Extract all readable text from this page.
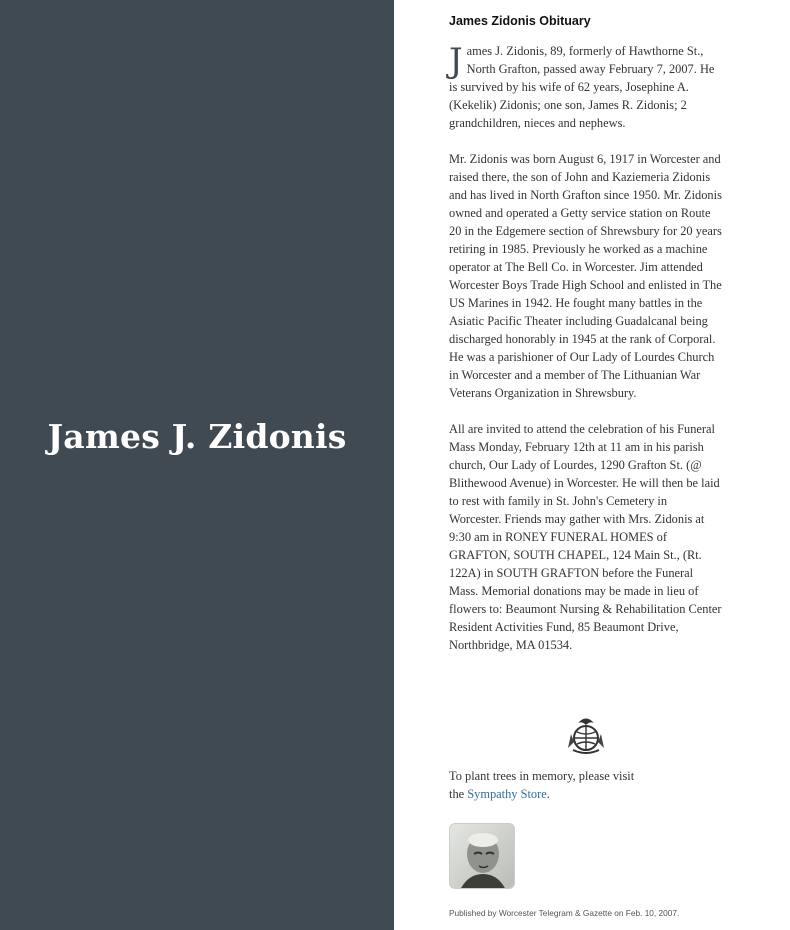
James J. Zidonis
James Zidonis Obituary

James J. Zidonis, 89, formerly of Hawthorne St., North Grafton, passed away February 7, 2007. He is survived by his wife of 62 years, Josephine A. (Kekelik) Zidonis; one son, James R. Zidonis; 2 grandchildren, nieces and nephews.

Mr. Zidonis was born August 6, 1917 in Worcester and raised there, the son of John and Kaziemeria Zidonis and has lived in North Grafton since 1950. Mr. Zidonis owned and operated a Getty service station on Route 20 in the Edgemere section of Shrewsbury for 20 years retiring in 1985. Previously he worked as a machine operator at The Bell Co. in Worcester. Jim attended Worcester Boys Trade High School and enlisted in The US Marines in 1942. He fought many battles in the Asiatic Pacific Theater including Guadalcanal being discharged honorably in 1945 at the rank of Corporal. He was a parishioner of Our Lady of Lourdes Church in Worcester and a member of The Lithuanian War Veterans Organization in Shrewsbury.

All are invited to attend the celebration of his Funeral Mass Monday, February 12th at 11 am in his parish church, Our Lady of Lourdes, 1290 Grafton St. (@ Blithewood Avenue) in Worcester. He will then be laid to rest with family in St. John's Cemetery in Worcester. Friends may gather with Mrs. Zidonis at 9:30 am in RONEY FUNERAL HOMES of GRAFTON, SOUTH CHAPEL, 124 Main St., (Rt. 122A) in SOUTH GRAFTON before the Funeral Mass. Memorial donations may be made in lieu of flowers to: Beaumont Nursing & Rehabilitation Center Resident Activities Fund, 85 Beaumont Drive, Northbridge, MA 01534.

To plant trees in memory, please visit
the Sympathy Store.
Published by Worcester Telegram & Gazette on Feb. 10, 2007.
